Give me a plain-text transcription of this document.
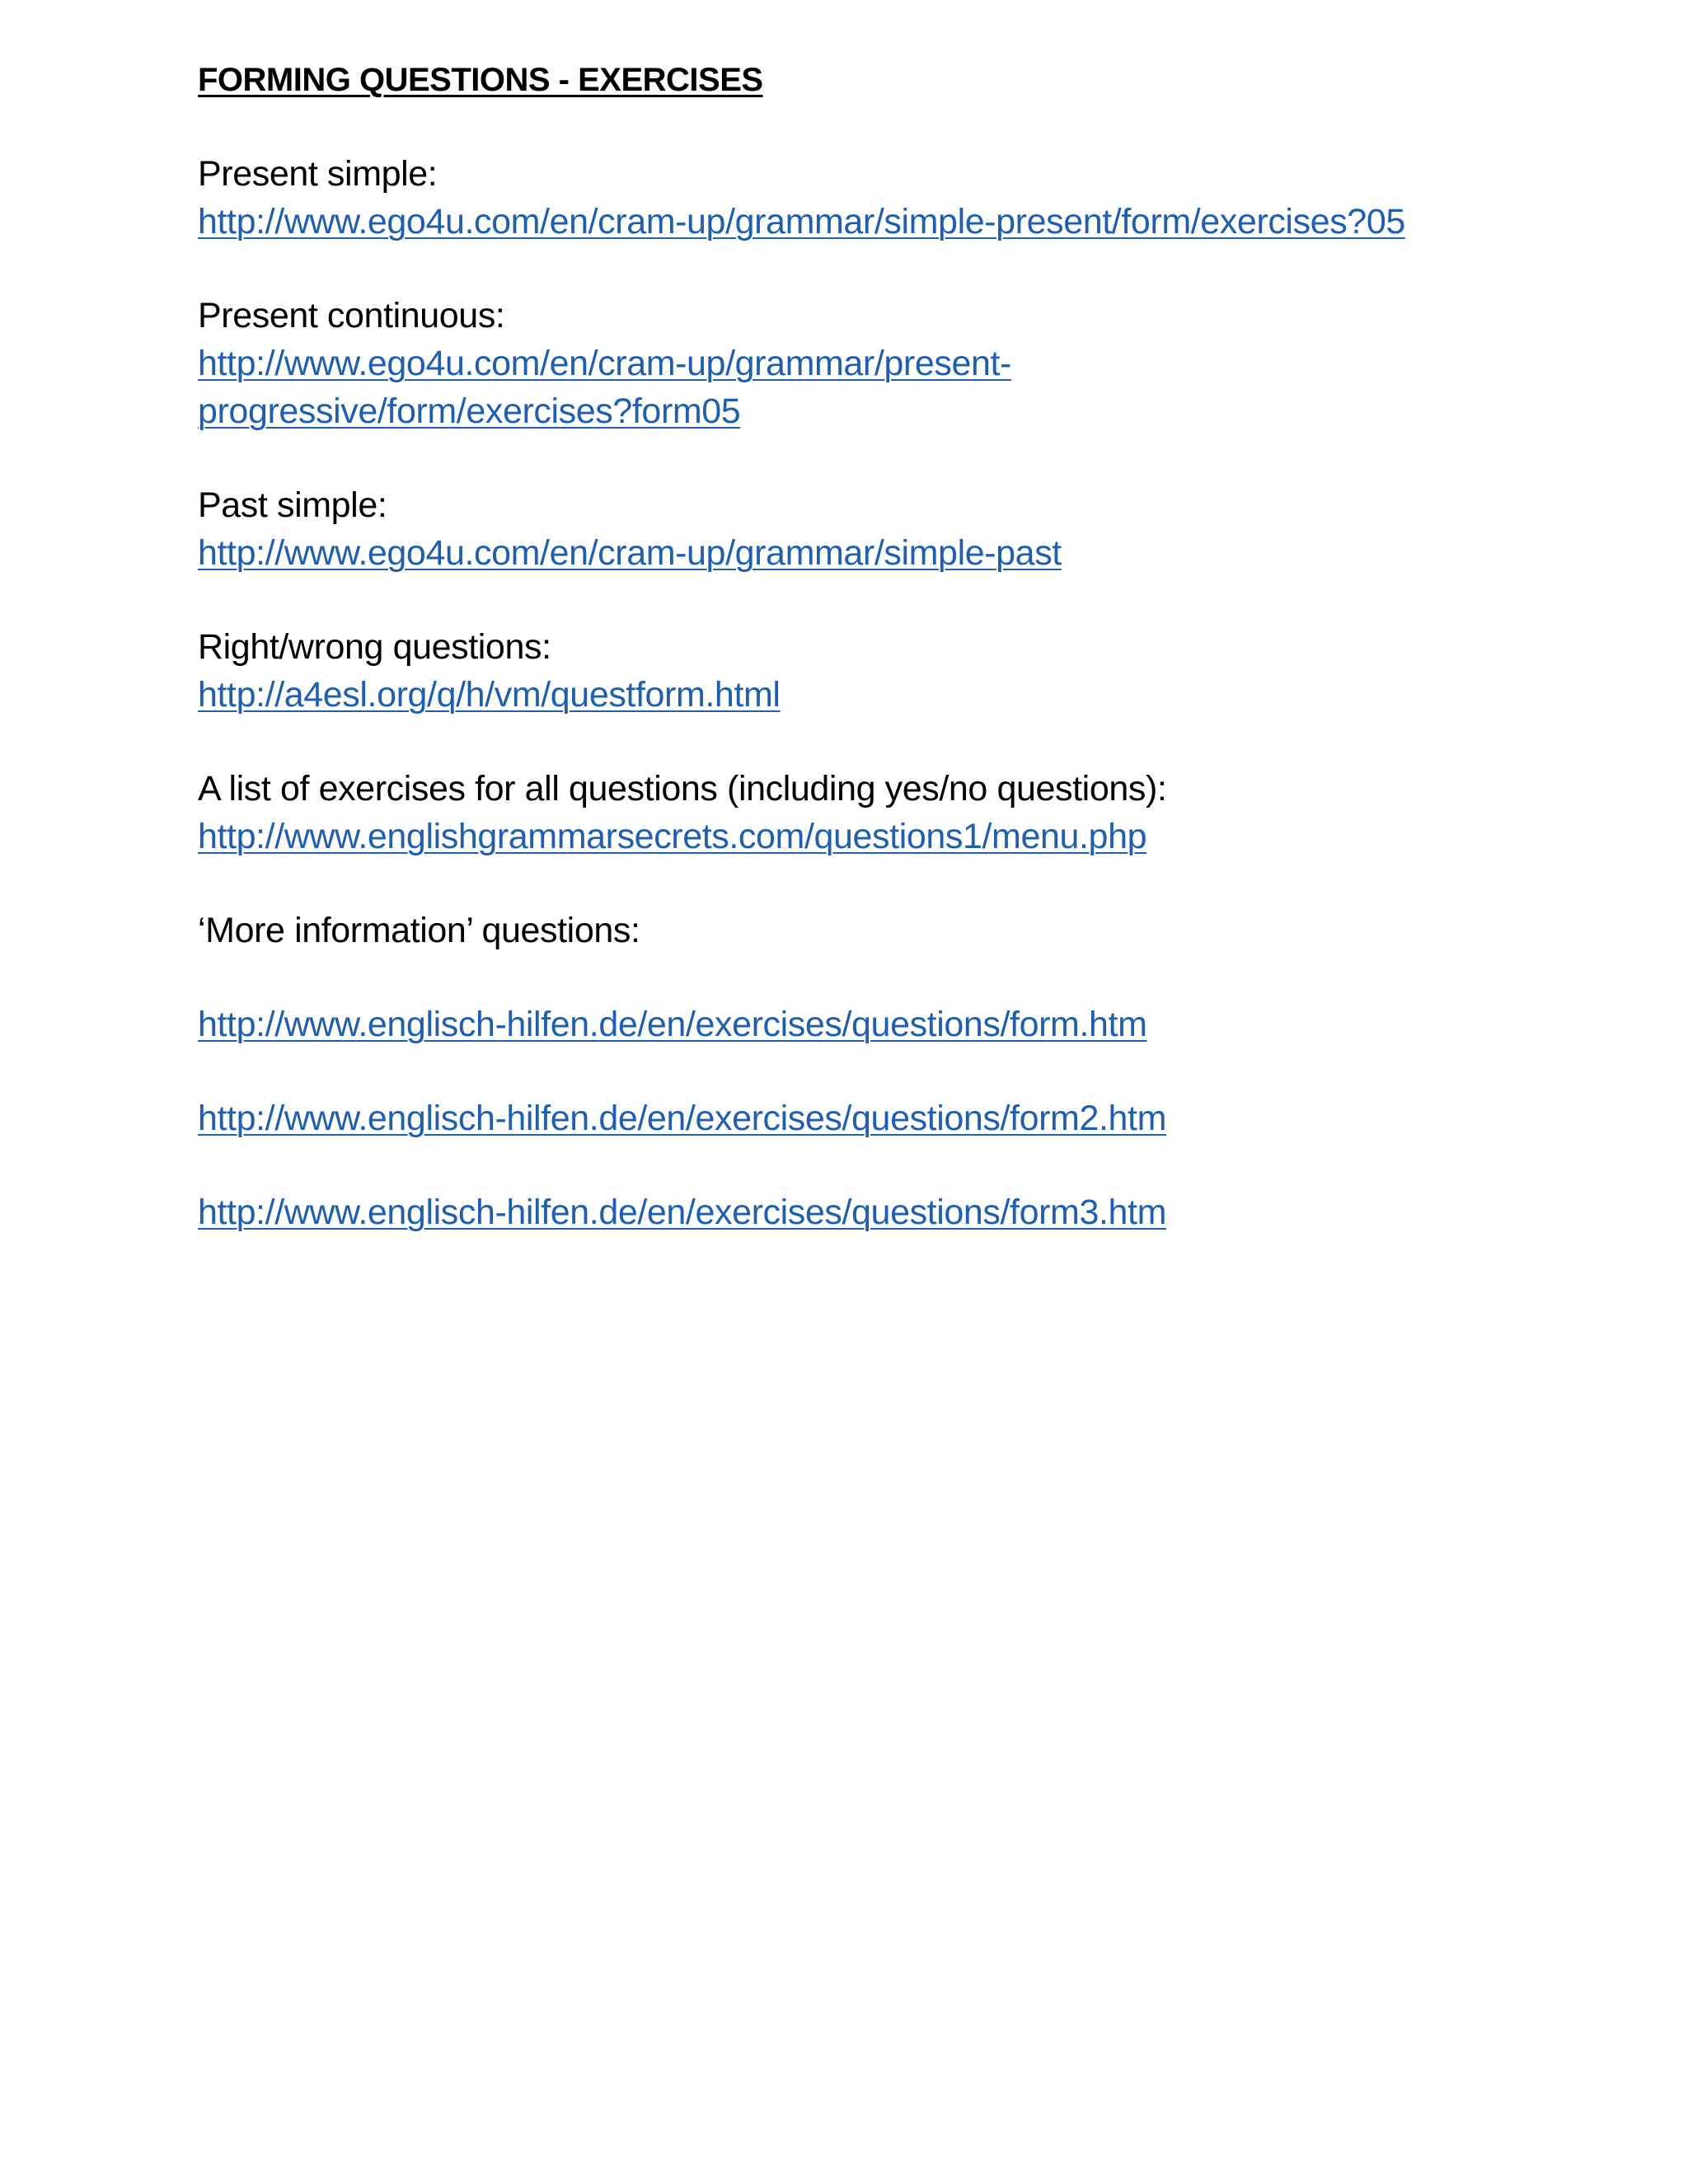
FORMING QUESTIONS - EXERCISES
Present simple:
http://www.ego4u.com/en/cram-up/grammar/simple-present/form/exercises?05
Present continuous:
http://www.ego4u.com/en/cram-up/grammar/present-
progressive/form/exercises?form05
Past simple:
http://www.ego4u.com/en/cram-up/grammar/simple-past
Right/wrong questions:
http://a4esl.org/q/h/vm/questform.html
A list of exercises for all questions (including yes/no questions):
http://www.englishgrammarsecrets.com/questions1/menu.php
‘More information’ questions:
http://www.englisch-hilfen.de/en/exercises/questions/form.htm
http://www.englisch-hilfen.de/en/exercises/questions/form2.htm
http://www.englisch-hilfen.de/en/exercises/questions/form3.htm
